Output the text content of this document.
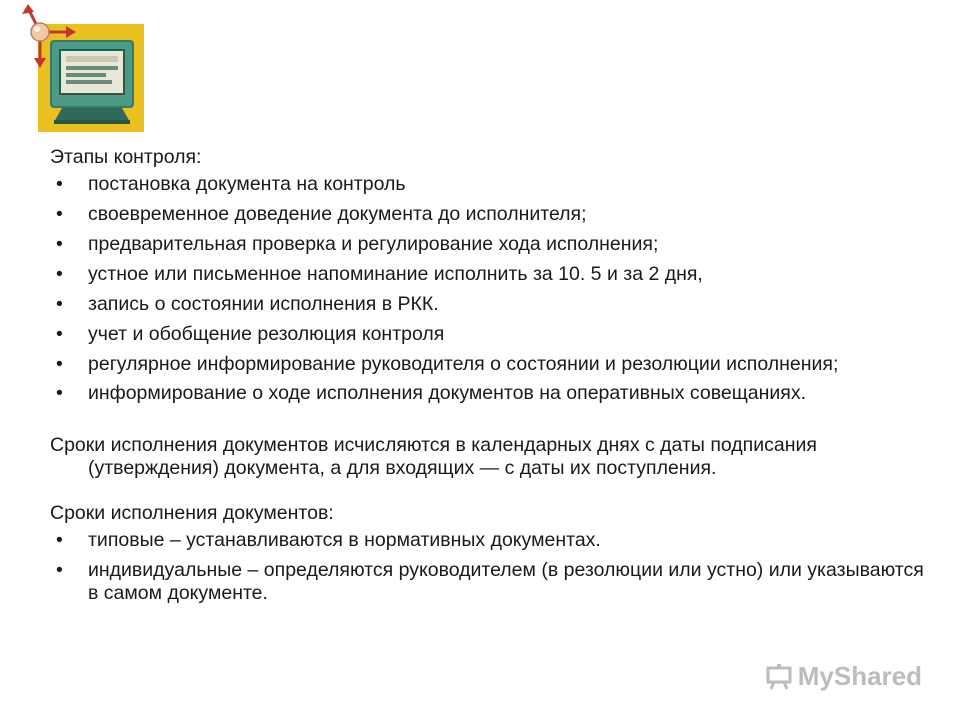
Этапы контроля:

• постановка документа на контроль
• своевременное доведение документа до исполнителя;
• предварительная проверка и регулирование хода исполнения;
• устное или письменное напоминание исполнить за 10. 5 и за 2 дня,
• запись о состоянии исполнения в РКК.
• учет и обобщение резолюция контроля
• регулярное информирование руководителя о состоянии и резолюции исполнения;
• информирование о ходе исполнения документов на оперативных совещаниях.

Сроки исполнения документов исчисляются в календарных днях с даты подписания (утверждения) документа, а для входящих — с даты их поступления.

Сроки исполнения документов:

• типовые – устанавливаются в нормативных документах.
• индивидуальные – определяются руководителем (в резолюции или устно) или указываются в самом документе.
MyShared
